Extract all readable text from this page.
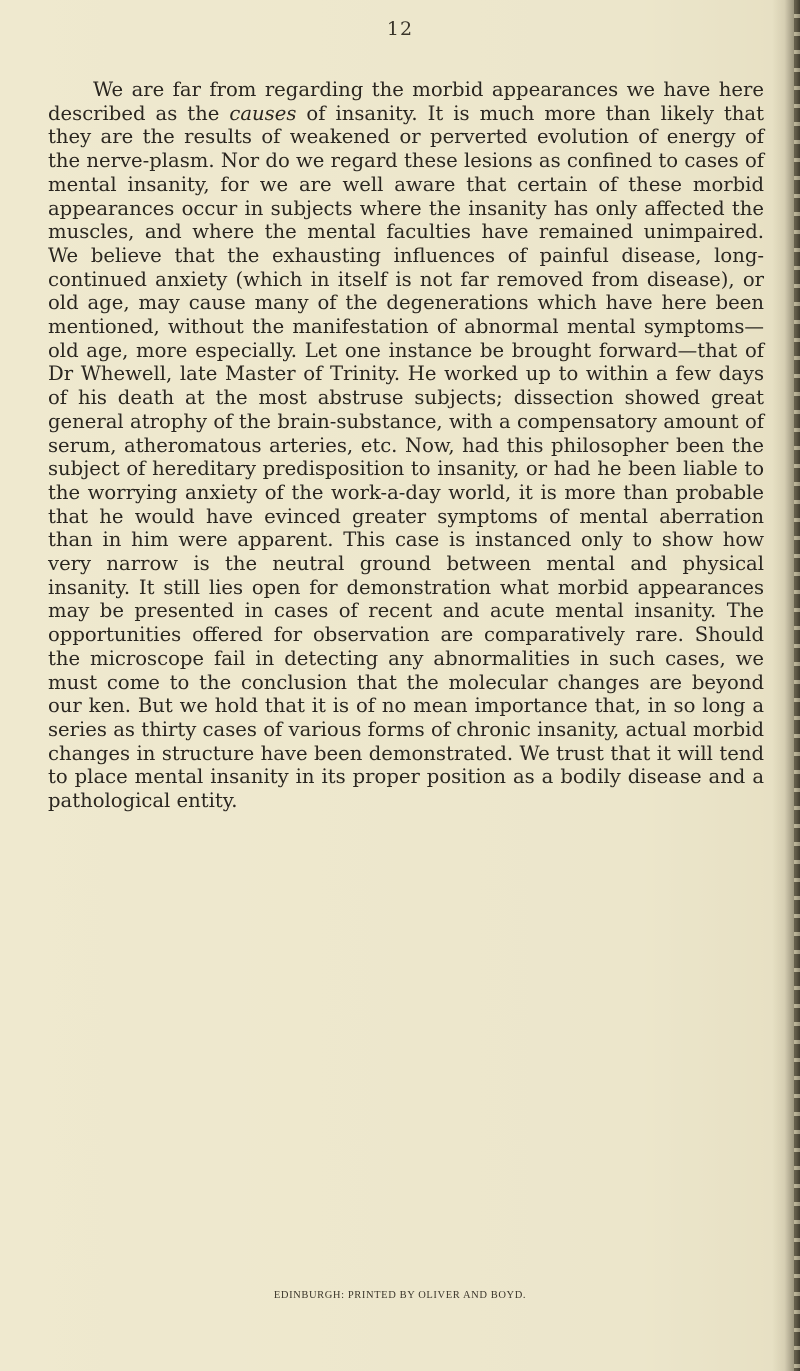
12

We are far from regarding the morbid appearances we have here described as the causes of insanity. It is much more than likely that they are the results of weakened or perverted evolution of energy of the nerve-plasm. Nor do we regard these lesions as confined to cases of mental insanity, for we are well aware that certain of these morbid appearances occur in subjects where the insanity has only affected the muscles, and where the mental faculties have remained unimpaired. We believe that the exhausting influences of painful disease, long-continued anxiety (which in itself is not far removed from disease), or old age, may cause many of the degenerations which have here been mentioned, without the manifestation of abnormal mental symptoms—old age, more especially. Let one instance be brought forward—that of Dr Whewell, late Master of Trinity. He worked up to within a few days of his death at the most abstruse subjects; dissection showed great general atrophy of the brain-substance, with a compensatory amount of serum, atheromatous arteries, etc. Now, had this philosopher been the subject of hereditary predisposition to insanity, or had he been liable to the worrying anxiety of the work-a-day world, it is more than probable that he would have evinced greater symptoms of mental aberration than in him were apparent. This case is instanced only to show how very narrow is the neutral ground between mental and physical insanity. It still lies open for demonstration what morbid appearances may be presented in cases of recent and acute mental insanity. The opportunities offered for observation are comparatively rare. Should the microscope fail in detecting any abnormalities in such cases, we must come to the conclusion that the molecular changes are beyond our ken. But we hold that it is of no mean importance that, in so long a series as thirty cases of various forms of chronic insanity, actual morbid changes in structure have been demonstrated. We trust that it will tend to place mental insanity in its proper position as a bodily disease and a pathological entity.

EDINBURGH: PRINTED BY OLIVER AND BOYD.
